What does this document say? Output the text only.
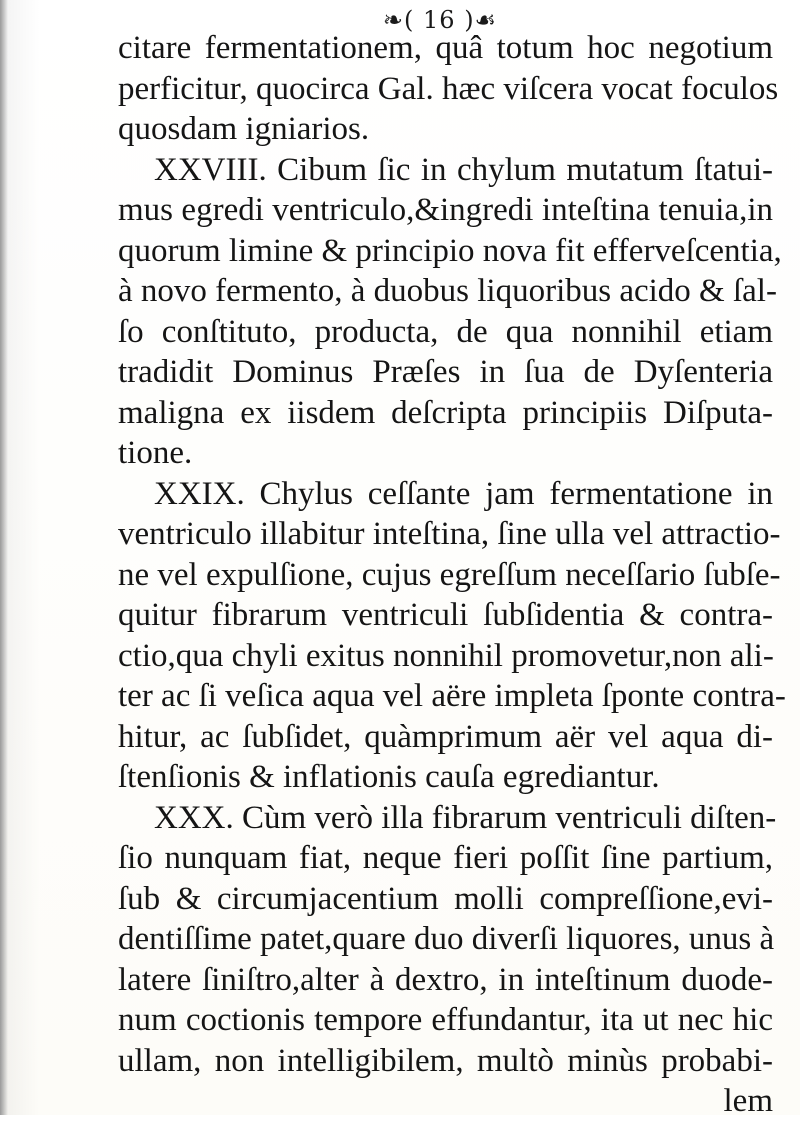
❧( 16 )☙
citare fermentationem, quâ totum hoc negotium
perficitur, quocirca Gal. hæc viſcera vocat foculos
quosdam igniarios.
XXVIII. Cibum ſic in chylum mutatum ſtatui-
mus egredi ventriculo,&ingredi inteſtina tenuia,in
quorum limine & principio nova fit efferveſcentia,
à novo fermento, à duobus liquoribus acido & ſal-
ſo conſtituto, producta, de qua nonnihil etiam
tradidit Dominus Præſes in ſua de Dyſenteria
maligna ex iisdem deſcripta principiis Diſputa-
tione.
XXIX. Chylus ceſſante jam fermentatione in
ventriculo illabitur inteſtina, ſine ulla vel attractio-
ne vel expulſione, cujus egreſſum neceſſario ſubſe-
quitur fibrarum ventriculi ſubſidentia & contra-
ctio,qua chyli exitus nonnihil promovetur,non ali-
ter ac ſi veſica aqua vel aëre impleta ſponte contra-
hitur, ac ſubſidet, quàmprimum aër vel aqua di-
ſtenſionis & inflationis cauſa egrediantur.
XXX. Cùm verò illa fibrarum ventriculi diſten-
ſio nunquam fiat, neque fieri poſſit ſine partium,
ſub & circumjacentium molli compreſſione,evi-
dentiſſime patet,quare duo diverſi liquores, unus à
latere ſiniſtro,alter à dextro, in inteſtinum duode-
num coctionis tempore effundantur, ita ut nec hic
ullam, non intelligibilem, multò minùs probabi-
lem
